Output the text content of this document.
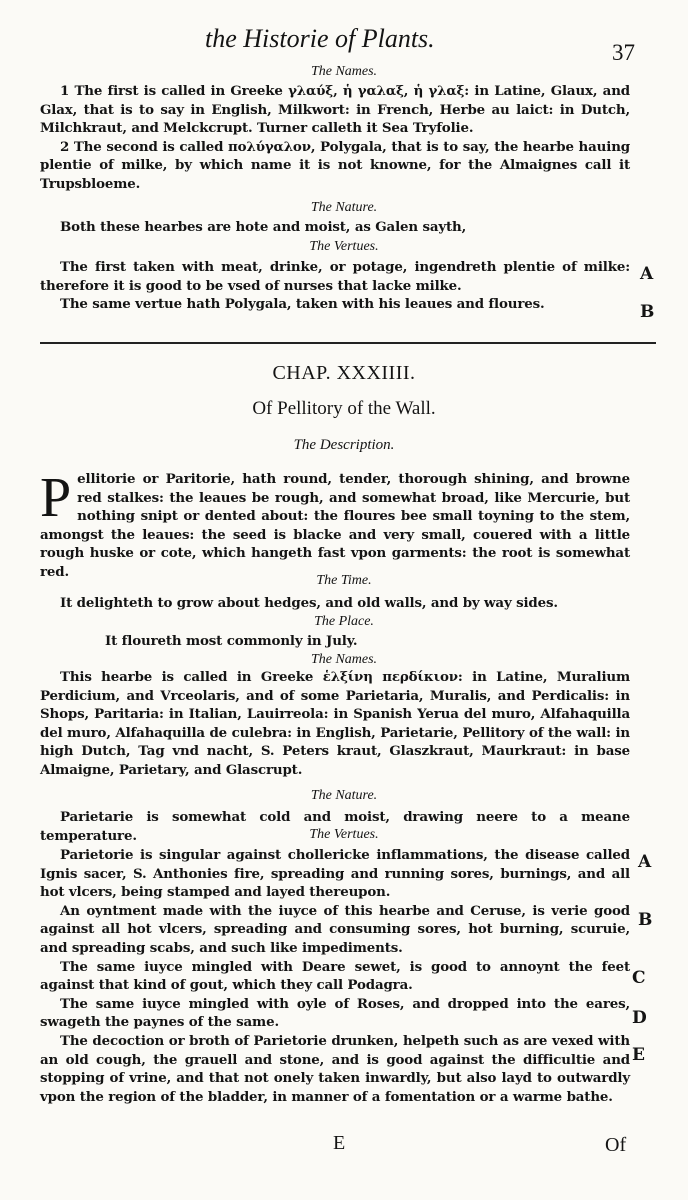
the Historie of Plants.	37
The Names.

1 The first is called in Greeke γλαύξ, ἡ γαλαξ, ἡ γλαξ: in Latine, Glaux, and Glax, that is to say in English, Milkwort: in French, Herbe au laict: in Dutch, Milchkraut, and Melckcrupt. Turner calleth it Sea Tryfolie.

2 The second is called πολύγαλον, Polygala, that is to say, the hearbe hauing plentie of milke, by which name it is not knowne, for the Almaignes call it Trupsbloeme.

The Nature.

Both these hearbes are hote and moist, as Galen sayth,

The Vertues.

The first taken with meat, drinke, or potage, ingendreth plentie of milke: therefore it is good to be vsed of nurses that lacke milke.

The same vertue hath Polygala, taken with his leaues and floures.

A
B
CHAP. XXXIIII.
Of Pellitory of the Wall.
The Description.
P ellitorie or Paritorie, hath round, tender, thorough shining, and browne red stalkes: the leaues be rough, and somewhat broad, like Mercurie, but nothing snipt or dented about: the floures bee small toyning to the stem, amongst the leaues: the seed is blacke and very small, couered with a little rough huske or cote, which hangeth fast vpon garments: the root is somewhat red.

The Time.

It delighteth to grow about hedges, and old walls, and by way sides.

The Place.

It floureth most commonly in July.

The Names.

This hearbe is called in Greeke ἑλξίνη περδίκιον: in Latine, Muralium Perdicium, and Vrceolaris, and of some Parietaria, Muralis, and Perdicalis: in Shops, Paritaria: in Italian, Lauirreola: in Spanish Yerua del muro, Alfahaquilla del muro, Alfahaquilla de culebra: in English, Parietarie, Pellitory of the wall: in high Dutch, Tag vnd nacht, S. Peters kraut, Glaszkraut, Maurkraut: in base Almaigne, Parietary, and Glascrupt.

The Nature.

Parietarie is somewhat cold and moist, drawing neere to a meane temperature.	The Vertues.

Parietorie is singular against chollericke inflammations, the disease called Ignis sacer, S. Anthonies fire, spreading and running sores, burnings, and all hot vlcers, being stamped and layed thereupon.

An oyntment made with the iuyce of this hearbe and Ceruse, is verie good against all hot vlcers, spreading and consuming sores, hot burning, scuruie, and spreading scabs, and such like impediments.

The same iuyce mingled with Deare sewet, is good to annoynt the feet against that kind of gout, which they call Podagra.

The same iuyce mingled with oyle of Roses, and dropped into the eares, swageth the paynes of the same.

The decoction or broth of Parietorie drunken, helpeth such as are vexed with an old cough, the grauell and stone, and is good against the difficultie and stopping of vrine, and that not onely taken inwardly, but also layd to outwardly vpon the region of the bladder, in manner of a fomentation or a warme bathe.

A
B
C
D
E
E	Of
